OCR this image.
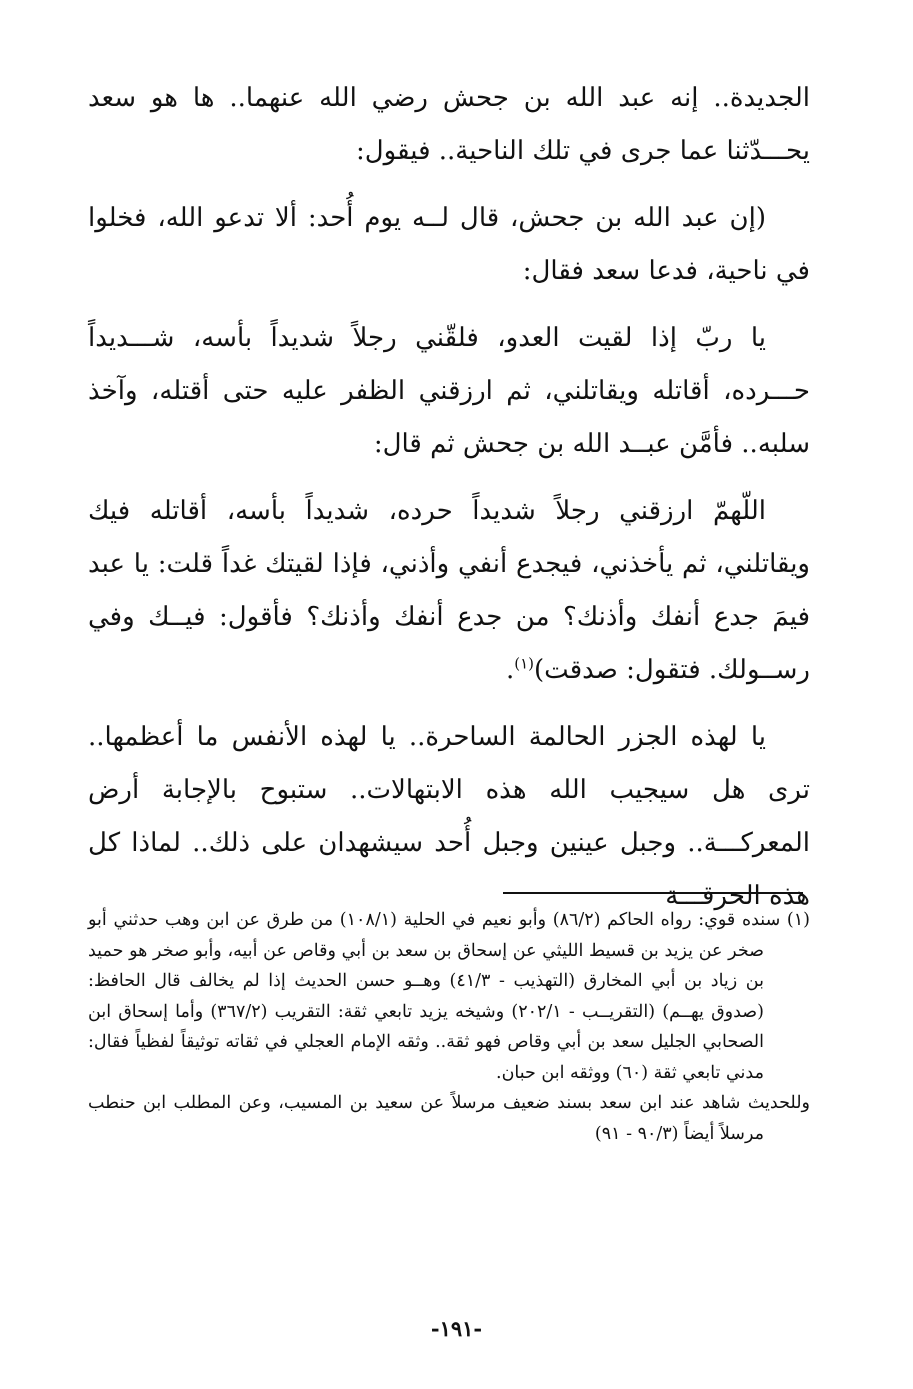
الجديدة.. إنه عبد الله بن جحش رضي الله عنهما.. ها هو سعد يحـــدّثنا عما جرى في تلك الناحية.. فيقول:

(إن عبد الله بن جحش، قال لــه يوم أُحد: ألا تدعو الله، فخلوا في ناحية، فدعا سعد فقال:

يا ربّ إذا لقيت العدو، فلقّني رجلاً شديداً بأسه، شـــديداً حـــرده، أقاتله ويقاتلني، ثم ارزقني الظفر عليه حتى أقتله، وآخذ سلبه.. فأمَّن عبــد الله بن جحش ثم قال:

اللّهمّ ارزقني رجلاً شديداً حرده، شديداً بأسه، أقاتله فيك ويقاتلني، ثم يأخذني، فيجدع أنفي وأذني، فإذا لقيتك غداً قلت: يا عبد فيمَ جدع أنفك وأذنك؟ من جدع أنفك وأذنك؟ فأقول: فيــك وفي رســولك. فتقول: صدقت)$^{(١)}$.

يا لهذه الجزر الحالمة الساحرة.. يا لهذه الأنفس ما أعظمها.. ترى هل سيجيب الله هذه الابتهالات.. ستبوح بالإجابة أرض المعركـــة.. وجبل عينين وجبل أُحد سيشهدان على ذلك.. لماذا كل هذه الحرقـــة

(١) سنده قوي: رواه الحاكم (٨٦/٢) وأبو نعيم في الحلية (١٠٨/١) من طرق عن ابن وهب حدثني أبو صخر عن يزيد بن قسيط الليثي عن إسحاق بن سعد بن أبي وقاص عن أبيه، وأبو صخر هو حميد بن زياد بن أبي المخارق (التهذيب - ٤١/٣) وهــو حسن الحديث إذا لم يخالف قال الحافظ: (صدوق يهــم) (التقريــب - ٢٠٢/١) وشيخه يزيد تابعي ثقة: التقريب (٣٦٧/٢) وأما إسحاق ابن الصحابي الجليل سعد بن أبي وقاص فهو ثقة.. وثقه الإمام العجلي في ثقاته توثيقاً لفظياً فقال: مدني تابعي ثقة (٦٠) ووثقه ابن حبان.

وللحديث شاهد عند ابن سعد بسند ضعيف مرسلاً عن سعيد بن المسيب، وعن المطلب ابن حنطب مرسلاً أيضاً (٩٠/٣ - ٩١)

-١٩١-
